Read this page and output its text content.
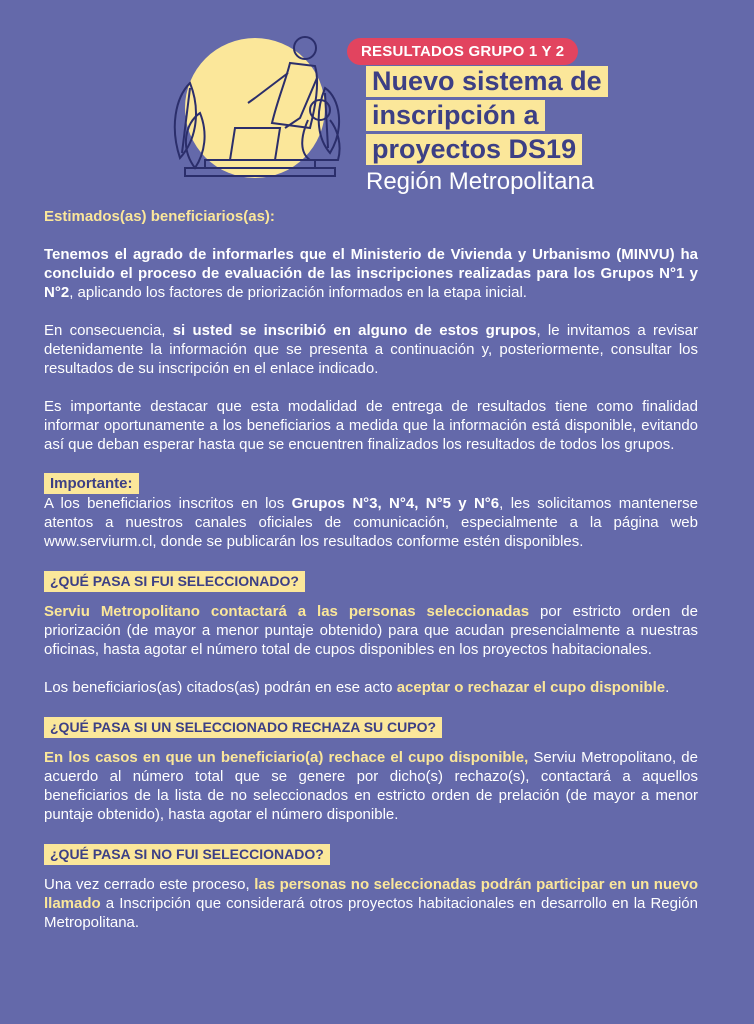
RESULTADOS GRUPO 1 Y 2
Nuevo sistema de
inscripción a
proyectos DS19
Región Metropolitana

Estimados(as) beneficiarios(as):

Tenemos el agrado de informarles que el Ministerio de Vivienda y Urbanismo (MINVU) ha concluido el proceso de evaluación de las inscripciones realizadas para los Grupos N°1 y N°2, aplicando los factores de priorización informados en la etapa inicial.

En consecuencia, si usted se inscribió en alguno de estos grupos, le invitamos a revisar detenidamente la información que se presenta a continuación y, posteriormente, consultar los resultados de su inscripción en el enlace indicado.

Es importante destacar que esta modalidad de entrega de resultados tiene como finalidad informar oportunamente a los beneficiarios a medida que la información está disponible, evitando así que deban esperar hasta que se encuentren finalizados los resultados de todos los grupos.

Importante:

A los beneficiarios inscritos en los Grupos N°3, N°4, N°5 y N°6, les solicitamos mantenerse atentos a nuestros canales oficiales de comunicación, especialmente a la página web www.serviurm.cl, donde se publicarán los resultados conforme estén disponibles.

¿QUÉ PASA SI FUI SELECCIONADO?

Serviu Metropolitano contactará a las personas seleccionadas por estricto orden de priorización (de mayor a menor puntaje obtenido) para que acudan presencialmente a nuestras oficinas, hasta agotar el número total de cupos disponibles en los proyectos habitacionales.

Los beneficiarios(as) citados(as) podrán en ese acto aceptar o rechazar el cupo disponible.

¿QUÉ PASA SI UN SELECCIONADO RECHAZA SU CUPO?

En los casos en que un beneficiario(a) rechace el cupo disponible, Serviu Metropolitano, de acuerdo al número total que se genere por dicho(s) rechazo(s), contactará a aquellos beneficiarios de la lista de no seleccionados en estricto orden de prelación (de mayor a menor puntaje obtenido), hasta agotar el número disponible.

¿QUÉ PASA SI NO FUI SELECCIONADO?

Una vez cerrado este proceso, las personas no seleccionadas podrán participar en un nuevo llamado a Inscripción que considerará otros proyectos habitacionales en desarrollo en la Región Metropolitana.
